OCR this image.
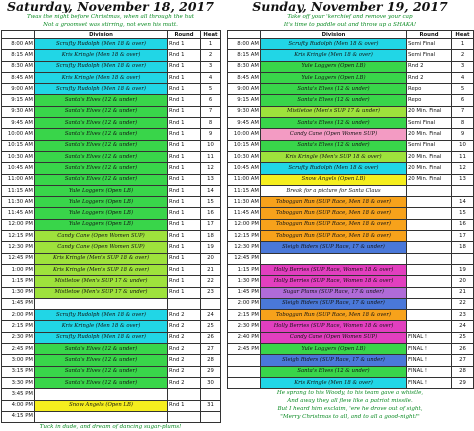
Saturday, November 18, 2017
Twas the night before Christmas, when all through the hut
Not a groomset was stirring, not even his mutt.
	Division	Round	Heat
8:00 AM	Scrufty Rudolph (Men 18 & over)	Rnd 1	1
8:15 AM	Kris Kringle (Men 18 & over)	Rnd 1	2
8:30 AM	Scrufty Rudolph (Men 18 & over)	Rnd 1	3
8:45 AM	Kris Kringle (Men 18 & over)	Rnd 1	4
9:00 AM	Scrufty Rudolph (Men 18 & over)	Rnd 1	5
9:15 AM	Santa's Elves (12 & under)	Rnd 1	6
9:30 AM	Santa's Elves (12 & under)	Rnd 1	7
9:45 AM	Santa's Elves (12 & under)	Rnd 1	8
10:00 AM	Santa's Elves (12 & under)	Rnd 1	9
10:15 AM	Santa's Elves (12 & under)	Rnd 1	10
10:30 AM	Santa's Elves (12 & under)	Rnd 1	11
10:45 AM	Santa's Elves (12 & under)	Rnd 1	12
11:00 AM	Santa's Elves (12 & under)	Rnd 1	13
11:15 AM	Yule Loggers (Open LB)	Rnd 1	14
11:30 AM	Yule Loggers (Open LB)	Rnd 1	15
11:45 AM	Yule Loggers (Open LB)	Rnd 1	16
12:00 PM	Yule Loggers (Open LB)	Rnd 1	17
12:15 PM	Candy Cane (Open Women SUP)	Rnd 1	18
12:30 PM	Candy Cane (Open Women SUP)	Rnd 1	19
12:45 PM	Kris Kringle (Men's SUP 18 & over)	Rnd 1	20
1:00 PM	Kris Kringle (Men's SUP 18 & over)	Rnd 1	21
1:15 PM	Mistletoe (Men's SUP 17 & under)	Rnd 1	22
1:30 PM	Mistletoe (Men's SUP 17 & under)	Rnd 1	23
1:45 PM			
2:00 PM	Scrufty Rudolph (Men 18 & over)	Rnd 2	24
2:15 PM	Kris Kringle (Men 18 & over)	Rnd 2	25
2:30 PM	Scrufty Rudolph (Men 18 & over)	Rnd 2	26
2:45 PM	Santa's Elves (12 & under)	Rnd 2	27
3:00 PM	Santa's Elves (12 & under)	Rnd 2	28
3:15 PM	Santa's Elves (12 & under)	Rnd 2	29
3:30 PM	Santa's Elves (12 & under)	Rnd 2	30
3:45 PM			
4:00 PM	Snow Angels (Open LB)	Rnd 1	31
4:15 PM			
Tuck in dude, and dream of dancing sugar-plums!
Sunday, November 19, 2017
Take off your 'kerchief and remove your cap
It's time to paddle out and throw up a SHAKA!
	Division	Round	Heat
8:00 AM	Scrufty Rudolph (Men 18 & over)	Semi Final	1
8:15 AM	Kris Kringle (Men 18 & over)	Semi Final	2
8:30 AM	Yule Loggers (Open LB)	Rnd 2	3
8:45 AM	Yule Loggers (Open LB)	Rnd 2	4
9:00 AM	Santa's Elves (12 & under)	Repo	5
9:15 AM	Santa's Elves (12 & under)	Repo	6
9:30 AM	Mistletoe (Men's SUP 17 & under)	20 Min. Final	7
9:45 AM	Santa's Elves (12 & under)	Semi Final	8
10:00 AM	Candy Cane (Open Women SUP)	20 Min. Final	9
10:15 AM	Santa's Elves (12 & under)	Semi Final	10
10:30 AM	Kris Kringle (Men's SUP 18 & over)	20 Min. Final	11
10:45 AM	Scrufty Rudolph (Men 18 & over)	20 Min. Final	12
11:00 AM	Snow Angels (Open LB)	20 Min. Final	13
11:15 AM	Break for a picture for Santa Claus		
11:30 AM	Toboggan Run (SUP Race, Men 18 & over)		14
11:45 AM	Toboggan Run (SUP Race, Men 18 & over)		15
12:00 PM	Toboggan Run (SUP Race, Men 18 & over)		16
12:15 PM	Toboggan Run (SUP Race, Men 18 & over)		17
12:30 PM	Sleigh Riders (SUP Race, 17 & under)		18
12:45 PM			
1:15 PM	Holly Berries (SUP Race, Women 18 & over)		19
1:30 PM	Holly Berries (SUP Race, Women 18 & over)		20
1:45 PM	Sugar Plums (SUP Race, 17 & under)		21
2:00 PM	Sleigh Riders (SUP Race, 17 & under)		22
2:15 PM	Toboggan Run (SUP Race, Men 18 & over)		23
2:30 PM	Holly Berries (SUP Race, Women 18 & over)		24
2:40 PM	Candy Cane (Open Women SUP)	FINAL !	25
2:45 PM	Yule Loggers (Open LB)	FINAL !	26
	Sleigh Riders (SUP Race, 17 & under)	FINAL !	27
	Santa's Elves (12 & under)	FINAL !	28
	Kris Kringle (Men 18 & over)	FINAL !	29
He sprang to his Woody, to his team gave a whistle,
And away they all flew like a patriot missile.
But I heard him exclaim, 'ere he drove out of sight,
"Merry Christmas to all, and to all a good-night!"
